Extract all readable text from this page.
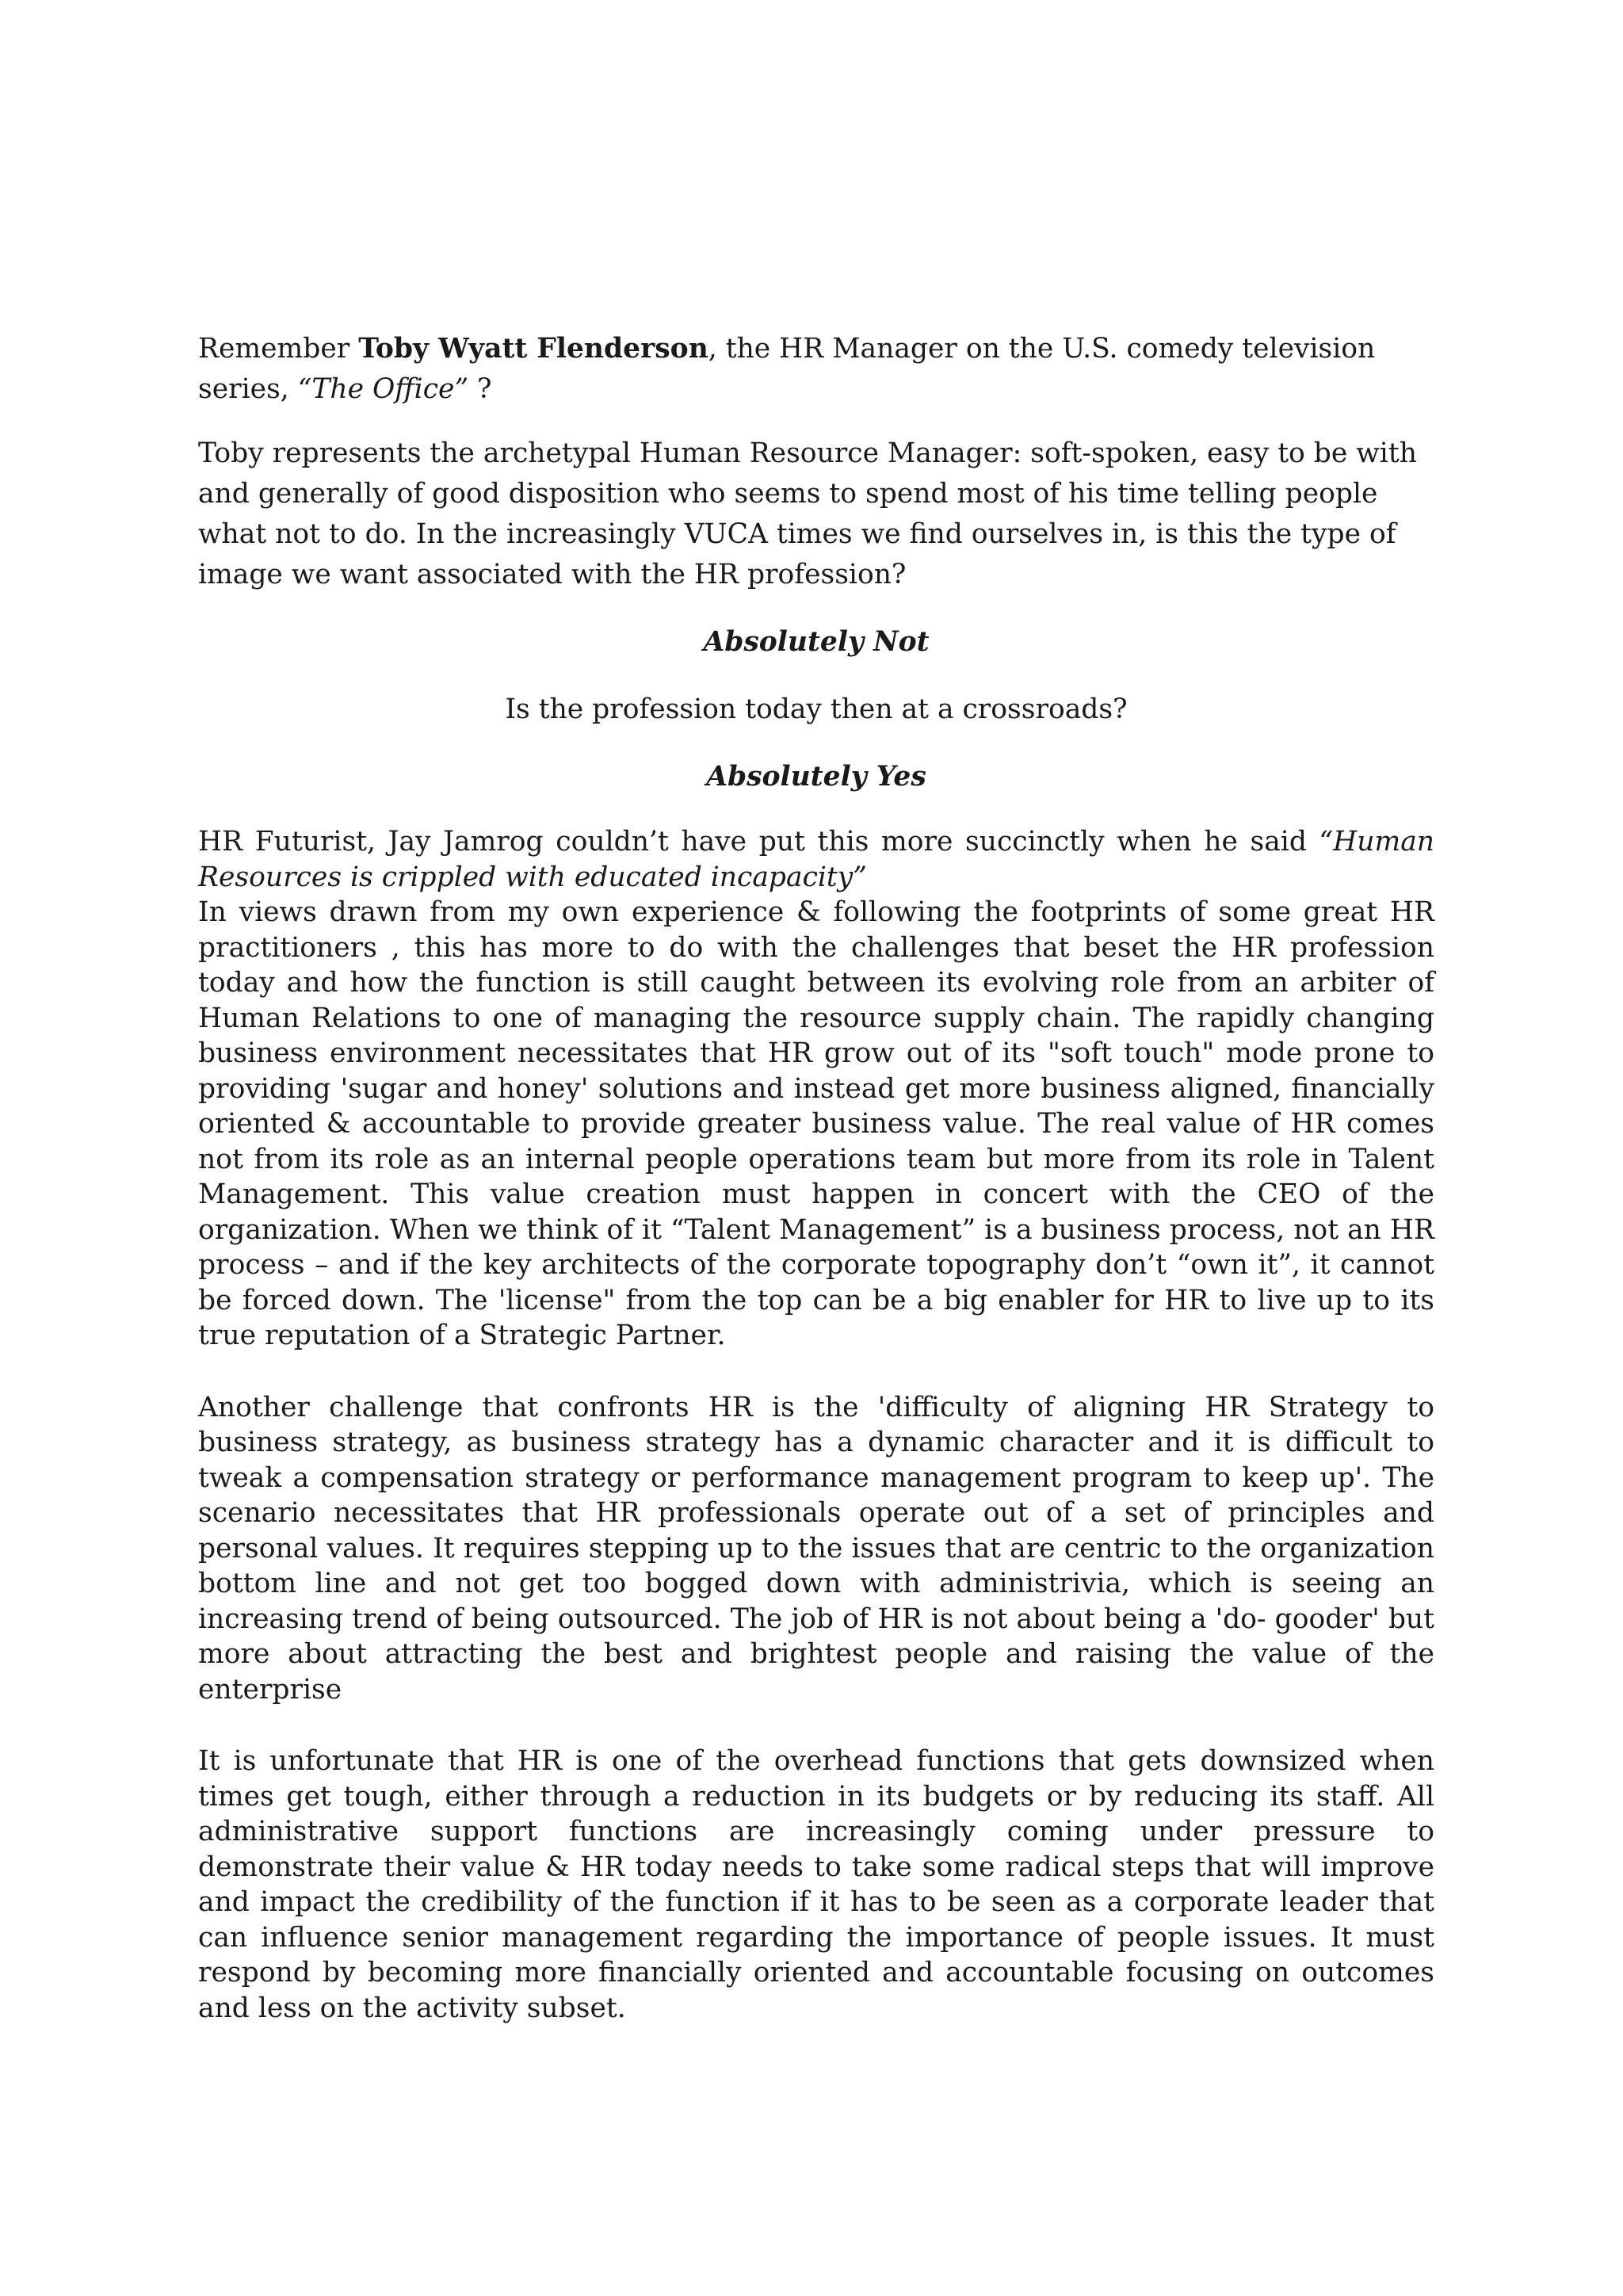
Remember Toby Wyatt Flenderson, the HR Manager on the U.S. comedy television series, “The Office” ?

Toby represents the archetypal Human Resource Manager: soft-spoken, easy to be with and generally of good disposition who seems to spend most of his time telling people what not to do. In the increasingly VUCA times we find ourselves in, is this the type of image we want associated with the HR profession?

Absolutely Not

Is the profession today then at a crossroads?

Absolutely Yes

HR Futurist, Jay Jamrog couldn’t have put this more succinctly when he said “Human Resources is crippled with educated incapacity”

In views drawn from my own experience & following the footprints of some great HR practitioners , this has more to do with the challenges that beset the HR profession today and how the function is still caught between its evolving role from an arbiter of Human Relations to one of managing the resource supply chain. The rapidly changing business environment necessitates that HR grow out of its "soft touch" mode prone to providing 'sugar and honey' solutions and instead get more business aligned, financially oriented & accountable to provide greater business value. The real value of HR comes not from its role as an internal people operations team but more from its role in Talent Management. This value creation must happen in concert with the CEO of the organization. When we think of it “Talent Management” is a business process, not an HR process – and if the key architects of the corporate topography don’t “own it”, it cannot be forced down. The 'license" from the top can be a big enabler for HR to live up to its true reputation of a Strategic Partner.

Another challenge that confronts HR is the 'difficulty of aligning HR Strategy to business strategy, as business strategy has a dynamic character and it is difficult to tweak a compensation strategy or performance management program to keep up'. The scenario necessitates that HR professionals operate out of a set of principles and personal values. It requires stepping up to the issues that are centric to the organization bottom line and not get too bogged down with administrivia, which is seeing an increasing trend of being outsourced. The job of HR is not about being a 'do- gooder' but more about attracting the best and brightest people and raising the value of the enterprise

It is unfortunate that HR is one of the overhead functions that gets downsized when times get tough, either through a reduction in its budgets or by reducing its staff. All administrative support functions are increasingly coming under pressure to demonstrate their value & HR today needs to take some radical steps that will improve and impact the credibility of the function if it has to be seen as a corporate leader that can influence senior management regarding the importance of people issues. It must respond by becoming more financially oriented and accountable focusing on outcomes and less on the activity subset.
